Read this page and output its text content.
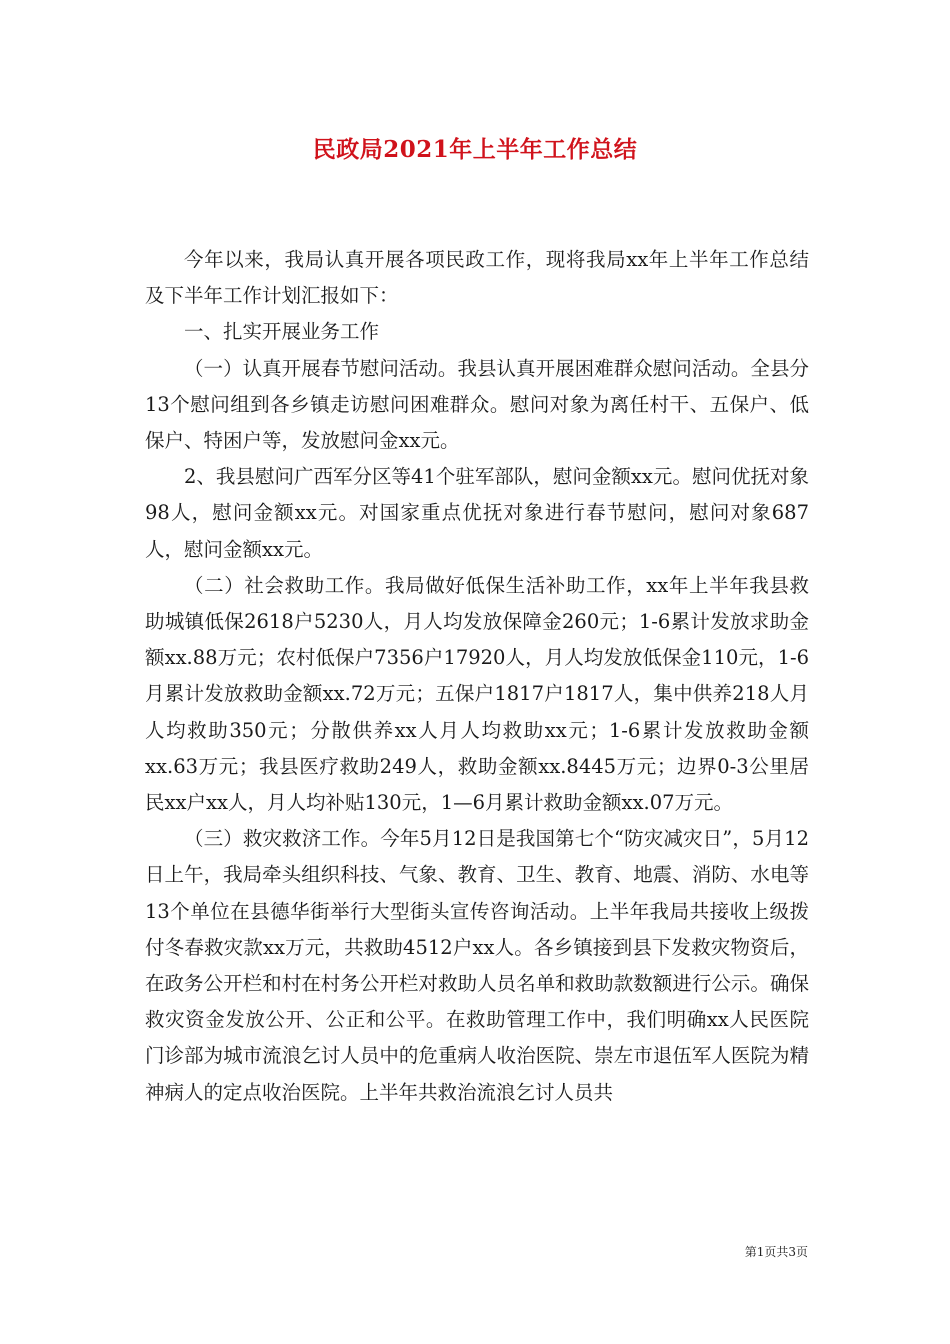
民政局2021年上半年工作总结

今年以来，我局认真开展各项民政工作，现将我局xx年上半年工作总结及下半年工作计划汇报如下：

一、扎实开展业务工作

（一）认真开展春节慰问活动。我县认真开展困难群众慰问活动。全县分13个慰问组到各乡镇走访慰问困难群众。慰问对象为离任村干、五保户、低保户、特困户等，发放慰问金xx元。

2、我县慰问广西军分区等41个驻军部队，慰问金额xx元。慰问优抚对象98人，慰问金额xx元。对国家重点优抚对象进行春节慰问，慰问对象687人，慰问金额xx元。

（二）社会救助工作。我局做好低保生活补助工作，xx年上半年我县救助城镇低保2618户5230人，月人均发放保障金260元；1-6累计发放求助金额xx.88万元；农村低保户7356户17920人，月人均发放低保金110元，1-6月累计发放救助金额xx.72万元；五保户1817户1817人，集中供养218人月人均救助350元；分散供养xx人月人均救助xx元；1-6累计发放救助金额xx.63万元；我县医疗救助249人，救助金额xx.8445万元；边界0-3公里居民xx户xx人，月人均补贴130元，1—6月累计救助金额xx.07万元。

（三）救灾救济工作。今年5月12日是我国第七个“防灾减灾日”，5月12日上午，我局牵头组织科技、气象、教育、卫生、教育、地震、消防、水电等13个单位在县德华街举行大型街头宣传咨询活动。上半年我局共接收上级拨付冬春救灾款xx万元，共救助4512户xx人。各乡镇接到县下发救灾物资后，在政务公开栏和村在村务公开栏对救助人员名单和救助款数额进行公示。确保救灾资金发放公开、公正和公平。在救助管理工作中，我们明确xx人民医院门诊部为城市流浪乞讨人员中的危重病人收治医院、崇左市退伍军人医院为精神病人的定点收治医院。上半年共救治流浪乞讨人员共

第1页共3页
